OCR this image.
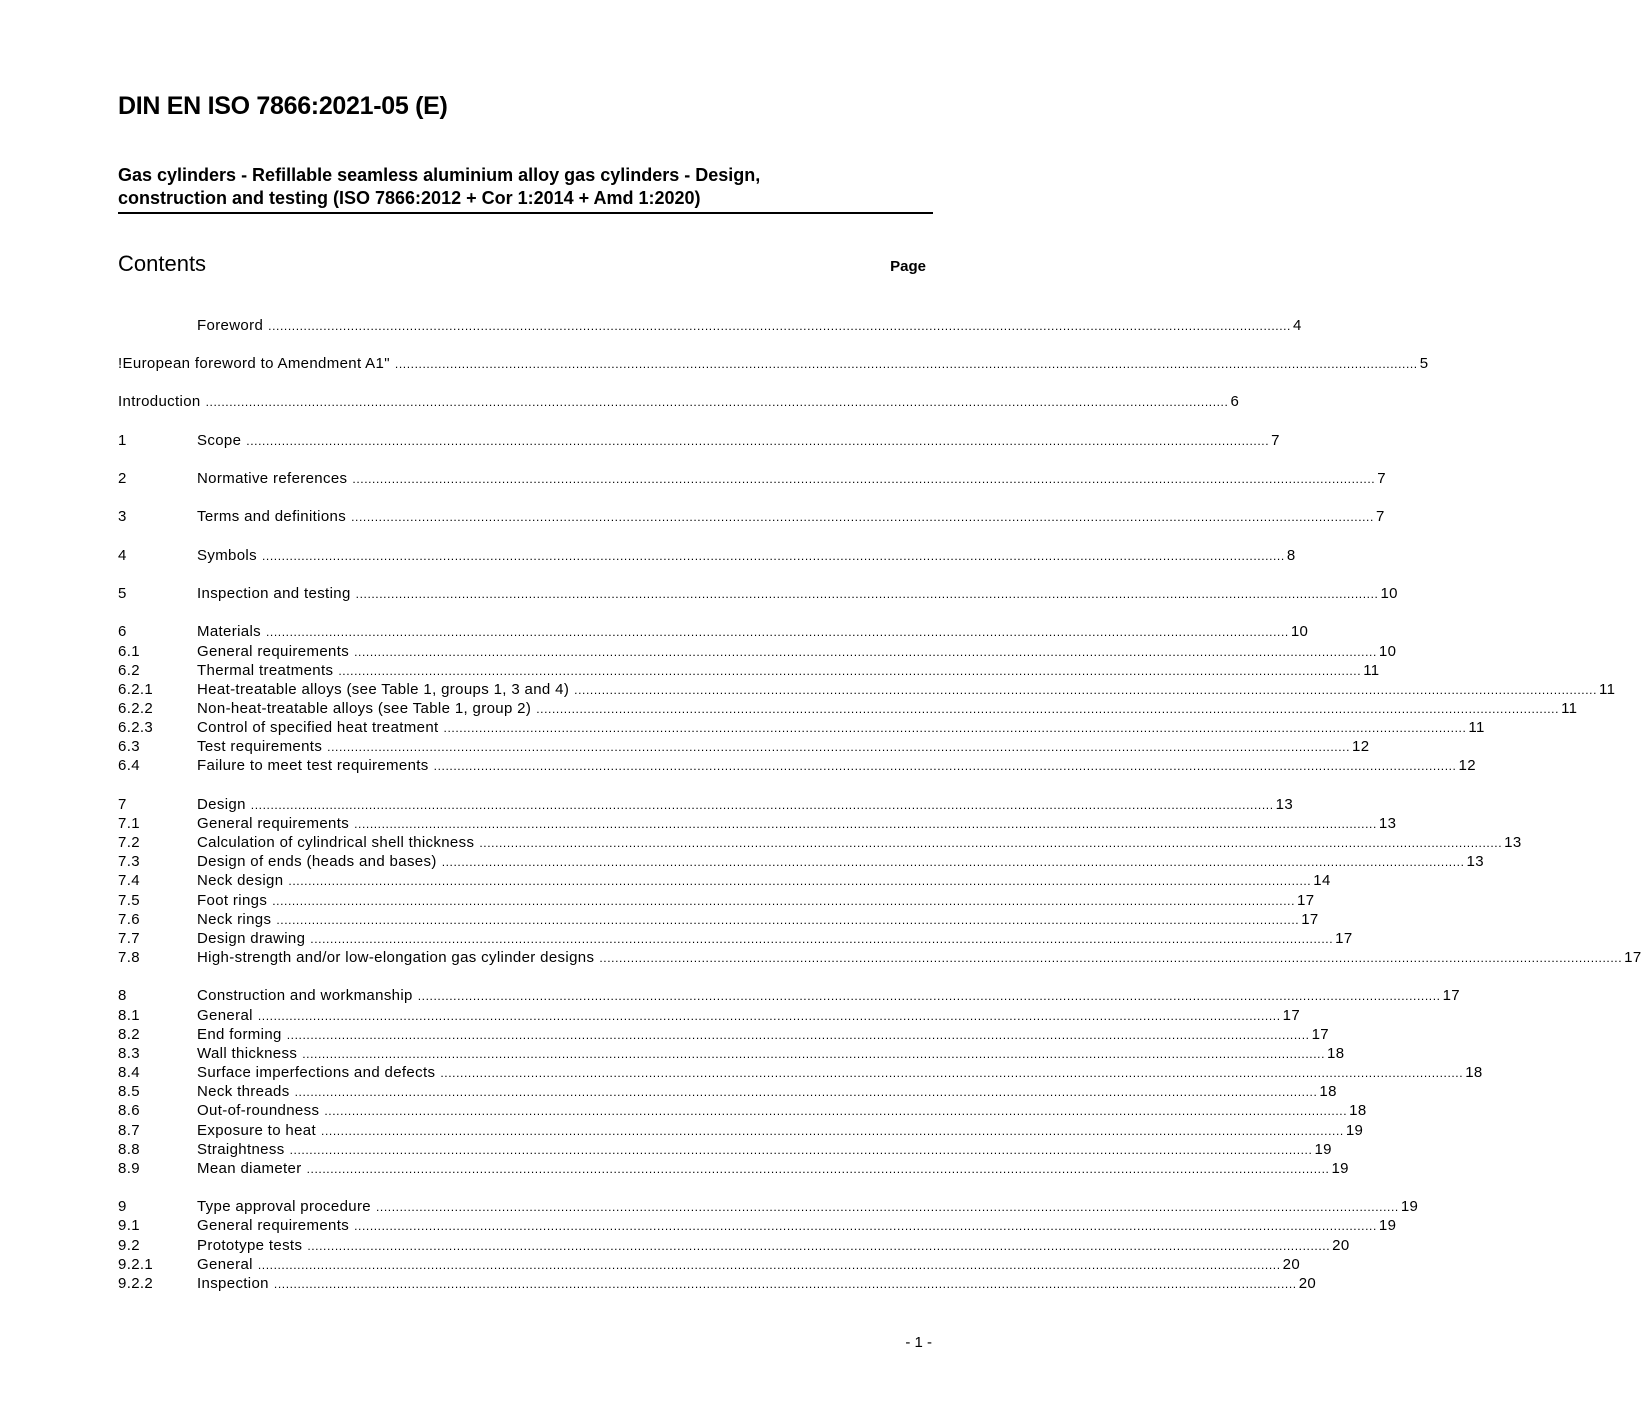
DIN EN ISO 7866:2021-05 (E)
Gas cylinders - Refillable seamless aluminium alloy gas cylinders - Design,
construction and testing (ISO 7866:2012 + Cor 1:2014 + Amd 1:2020)
Contents	Page
Foreword .................................................................................................................................................................................................................................................................... 4
!European foreword to Amendment A1" .................................................................................................................................................................................................................................................................... 5
Introduction .................................................................................................................................................................................................................................................................... 6
1	Scope .................................................................................................................................................................................................................................................................... 7
2	Normative references .................................................................................................................................................................................................................................................................... 7
3	Terms and definitions .................................................................................................................................................................................................................................................................... 7
4	Symbols .................................................................................................................................................................................................................................................................... 8
5	Inspection and testing .................................................................................................................................................................................................................................................................... 10
6	Materials .................................................................................................................................................................................................................................................................... 10
6.1	General requirements .................................................................................................................................................................................................................................................................... 10
6.2	Thermal treatments .................................................................................................................................................................................................................................................................... 11
6.2.1	Heat-treatable alloys (see Table 1, groups 1, 3 and 4) .................................................................................................................................................................................................................................................................... 11
6.2.2	Non-heat-treatable alloys (see Table 1, group 2) .................................................................................................................................................................................................................................................................... 11
6.2.3	Control of specified heat treatment .................................................................................................................................................................................................................................................................... 11
6.3	Test requirements .................................................................................................................................................................................................................................................................... 12
6.4	Failure to meet test requirements .................................................................................................................................................................................................................................................................... 12
7	Design .................................................................................................................................................................................................................................................................... 13
7.1	General requirements .................................................................................................................................................................................................................................................................... 13
7.2	Calculation of cylindrical shell thickness .................................................................................................................................................................................................................................................................... 13
7.3	Design of ends (heads and bases) .................................................................................................................................................................................................................................................................... 13
7.4	Neck design .................................................................................................................................................................................................................................................................... 14
7.5	Foot rings .................................................................................................................................................................................................................................................................... 17
7.6	Neck rings .................................................................................................................................................................................................................................................................... 17
7.7	Design drawing .................................................................................................................................................................................................................................................................... 17
7.8	High-strength and/or low-elongation gas cylinder designs .................................................................................................................................................................................................................................................................... 17
8	Construction and workmanship .................................................................................................................................................................................................................................................................... 17
8.1	General .................................................................................................................................................................................................................................................................... 17
8.2	End forming .................................................................................................................................................................................................................................................................... 17
8.3	Wall thickness .................................................................................................................................................................................................................................................................... 18
8.4	Surface imperfections and defects .................................................................................................................................................................................................................................................................... 18
8.5	Neck threads .................................................................................................................................................................................................................................................................... 18
8.6	Out-of-roundness .................................................................................................................................................................................................................................................................... 18
8.7	Exposure to heat .................................................................................................................................................................................................................................................................... 19
8.8	Straightness .................................................................................................................................................................................................................................................................... 19
8.9	Mean diameter .................................................................................................................................................................................................................................................................... 19
9	Type approval procedure .................................................................................................................................................................................................................................................................... 19
9.1	General requirements .................................................................................................................................................................................................................................................................... 19
9.2	Prototype tests .................................................................................................................................................................................................................................................................... 20
9.2.1	General .................................................................................................................................................................................................................................................................... 20
9.2.2	Inspection .................................................................................................................................................................................................................................................................... 20
- 1 -
